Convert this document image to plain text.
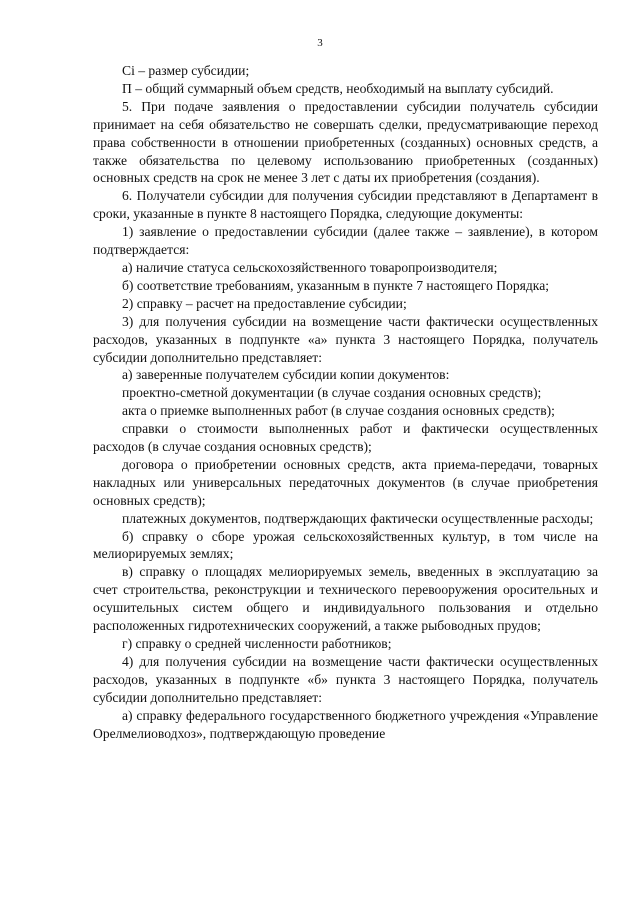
3

Ci – размер субсидии;

П – общий суммарный объем средств, необходимый на выплату субсидий.

5. При подаче заявления о предоставлении субсидии получатель субсидии принимает на себя обязательство не совершать сделки, предусматривающие переход права собственности в отношении приобретенных (созданных) основных средств, а также обязательства по целевому использованию приобретенных (созданных) основных средств на срок не менее 3 лет с даты их приобретения (создания).

6. Получатели субсидии для получения субсидии представляют в Департамент в сроки, указанные в пункте 8 настоящего Порядка, следующие документы:

1) заявление о предоставлении субсидии (далее также – заявление), в котором подтверждается:

а) наличие статуса сельскохозяйственного товаропроизводителя;

б) соответствие требованиям, указанным в пункте 7 настоящего Порядка;

2) справку – расчет на предоставление субсидии;

3) для получения субсидии на возмещение части фактически осуществленных расходов, указанных в подпункте «а» пункта 3 настоящего Порядка, получатель субсидии дополнительно представляет:

а) заверенные получателем субсидии копии документов:

проектно-сметной документации (в случае создания основных средств);

акта о приемке выполненных работ (в случае создания основных средств);

справки о стоимости выполненных работ и фактически осуществленных расходов (в случае создания основных средств);

договора о приобретении основных средств, акта приема-передачи, товарных накладных или универсальных передаточных документов (в случае приобретения основных средств);

платежных документов, подтверждающих фактически осуществленные расходы;

б) справку о сборе урожая сельскохозяйственных культур, в том числе на мелиорируемых землях;

в) справку о площадях мелиорируемых земель, введенных в эксплуатацию за счет строительства, реконструкции и технического перевооружения оросительных и осушительных систем общего и индивидуального пользования и отдельно расположенных гидротехнических сооружений, а также рыбоводных прудов;

г) справку о средней численности работников;

4) для получения субсидии на возмещение части фактически осуществленных расходов, указанных в подпункте «б» пункта 3 настоящего Порядка, получатель субсидии дополнительно представляет:

а) справку федерального государственного бюджетного учреждения «Управление Орелмелиоводхоз», подтверждающую проведение
